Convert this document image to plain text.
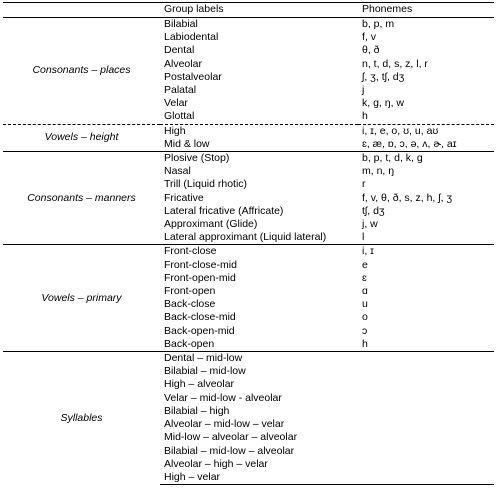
	Group labels	Phonemes
Consonants – places	Bilabial	b, p, m
	Labiodental	f, v
	Dental	θ, ð
	Alveolar	n, t, d, s, z, l, r
	Postalveolar	ʃ, ʒ, tʃ, dʒ
	Palatal	j
	Velar	k, g, ŋ, w
	Glottal	h
Vowels – height	High	i, ɪ, e, o, ʊ, u, aʊ
	Mid & low	ɛ, æ, ɒ, ɔ, ə, ʌ, ɚ, aɪ
Consonants – manners	Plosive (Stop)	b, p, t, d, k, g
	Nasal	m, n, ŋ
	Trill (Liquid rhotic)	r
	Fricative	f, v, θ, ð, s, z, h, ʃ, ʒ
	Lateral fricative (Affricate)	tʃ, dʒ
	Approximant (Glide)	j, w
	Lateral approximant (Liquid lateral)	l
Vowels – primary	Front-close	i, ɪ
	Front-close-mid	e
	Front-open-mid	ɛ
	Front-open	ɑ
	Back-close	u
	Back-close-mid	o
	Back-open-mid	ɔ
	Back-open	h
Syllables	Dental – mid-low	
	Bilabial – mid-low	
	High – alveolar	
	Velar – mid-low - alveolar	
	Bilabial – high	
	Alveolar – mid-low – velar	
	Mid-low – alveolar – alveolar	
	Bilabial – mid-low – alveolar	
	Alveolar – high – velar	
	High – velar	
